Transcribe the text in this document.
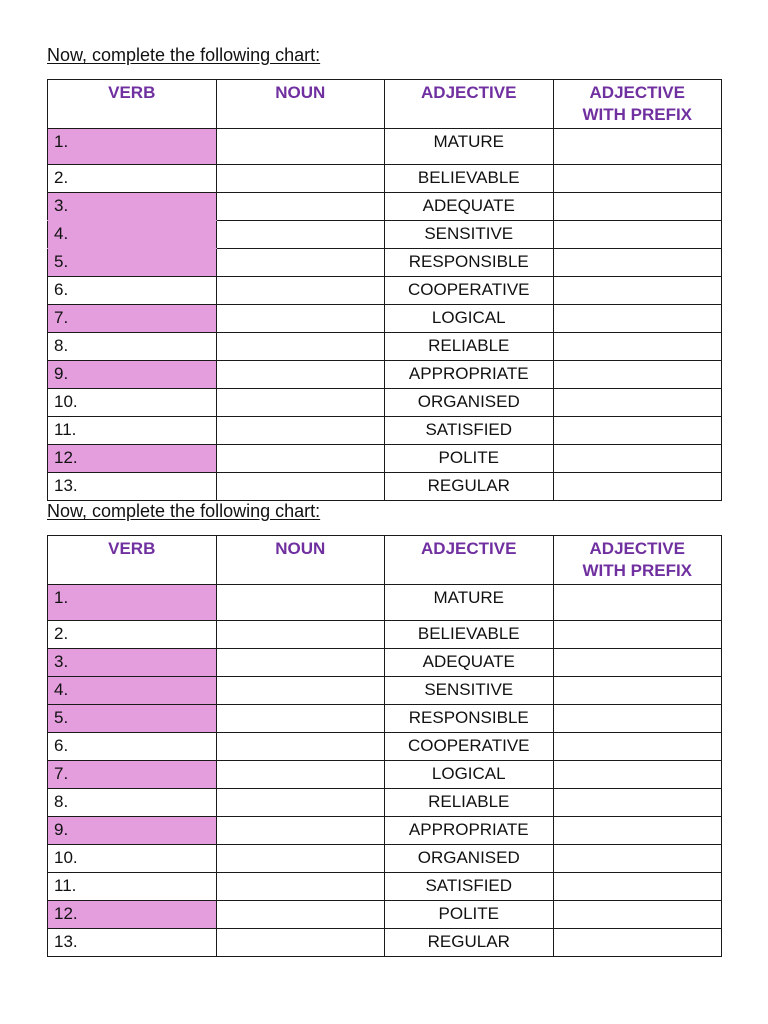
Now, complete the following chart:
VERB	NOUN	ADJECTIVE	ADJECTIVE
WITH PREFIX
1.		MATURE	
2.		BELIEVABLE	
3.		ADEQUATE	
4.		SENSITIVE	
5.		RESPONSIBLE	
6.		COOPERATIVE	
7.		LOGICAL	
8.		RELIABLE	
9.		APPROPRIATE	
10.		ORGANISED	
11.		SATISFIED	
12.		POLITE	
13.		REGULAR	
Now, complete the following chart:
VERB	NOUN	ADJECTIVE	ADJECTIVE
WITH PREFIX
1.		MATURE	
2.		BELIEVABLE	
3.		ADEQUATE	
4.		SENSITIVE	
5.		RESPONSIBLE	
6.		COOPERATIVE	
7.		LOGICAL	
8.		RELIABLE	
9.		APPROPRIATE	
10.		ORGANISED	
11.		SATISFIED	
12.		POLITE	
13.		REGULAR	
